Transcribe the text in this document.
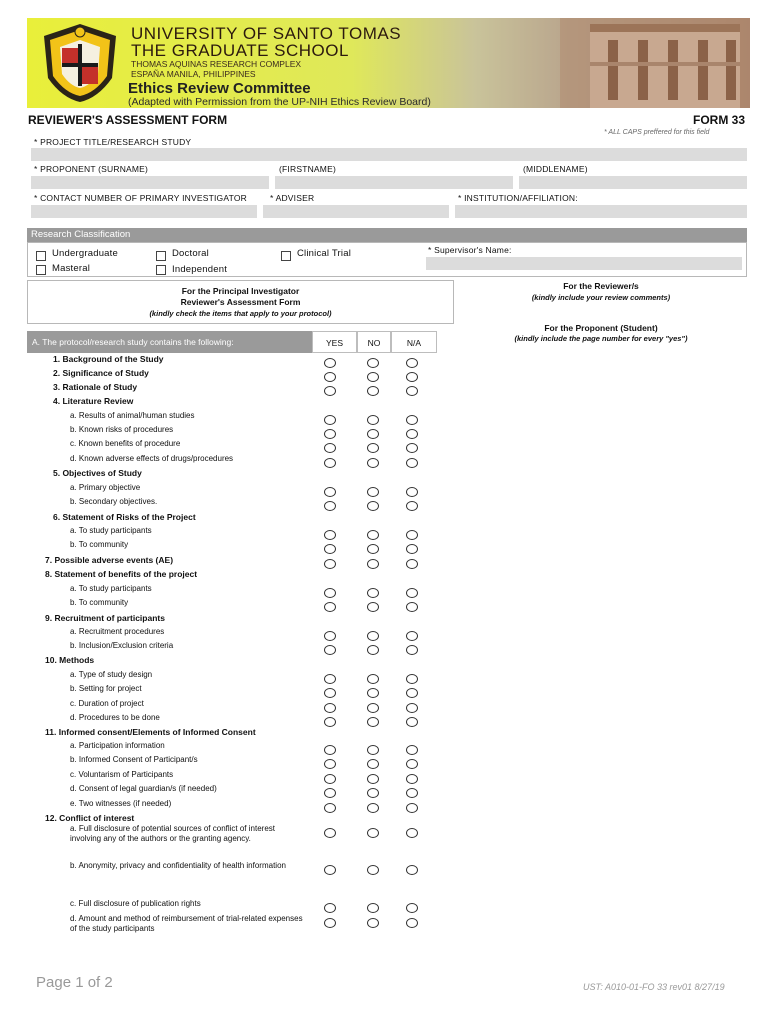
UNIVERSITY OF SANTO TOMAS
THE GRADUATE SCHOOL
THOMAS AQUINAS RESEARCH COMPLEX
ESPAÑA MANILA, PHILIPPINES
Ethics Review Committee
(Adapted with Permission from the UP-NIH Ethics Review Board)
REVIEWER'S ASSESSMENT FORM	FORM 33
* ALL CAPS preffered for this field
* PROJECT TITLE/RESEARCH STUDY
* PROPONENT (SURNAME)	(FIRSTNAME)	(MIDDLENAME)
* CONTACT NUMBER OF PRIMARY INVESTIGATOR	* ADVISER	* INSTITUTION/AFFILIATION:
Research Classification
Undergraduate	Doctoral	Clinical Trial
Masteral	Independent
* Supervisor's Name:
For the Principal Investigator
Reviewer's Assessment Form
(kindly check the items that apply to your protocol)
For the Reviewer/s
(kindly include your review comments)
For the Proponent (Student)
(kindly include the page number for every "yes")
A. The protocol/research study contains the following:	YES	NO	N/A
1. Background of the Study
2. Significance of Study
3. Rationale of Study
4. Literature Review
a. Results of animal/human studies
b. Known risks of procedures
c. Known benefits of procedure
d. Known adverse effects of drugs/procedures
5. Objectives of Study
a. Primary objective
b. Secondary objectives.
6. Statement of Risks of the Project
a. To study participants
b. To community
7. Possible adverse events (AE)
8. Statement of benefits of the project
a. To study participants
b. To community
9. Recruitment of participants
a. Recruitment procedures
b. Inclusion/Exclusion criteria
10. Methods
a. Type of study design
b. Setting for project
c. Duration of project
d. Procedures to be done
11. Informed consent/Elements of Informed Consent
a. Participation information
b. Informed Consent of Participant/s
c. Voluntarism of Participants
d. Consent of legal guardian/s (if needed)
e. Two witnesses (if needed)
12. Conflict of interest
a. Full disclosure of potential sources of conflict of interest involving any of the authors or the granting agency.
b. Anonymity, privacy and confidentiality of health information
c. Full disclosure of publication rights
d. Amount and method of reimbursement of trial-related expenses of the study participants
Page 1 of 2	UST: A010-01-FO 33 rev01 8/27/19
